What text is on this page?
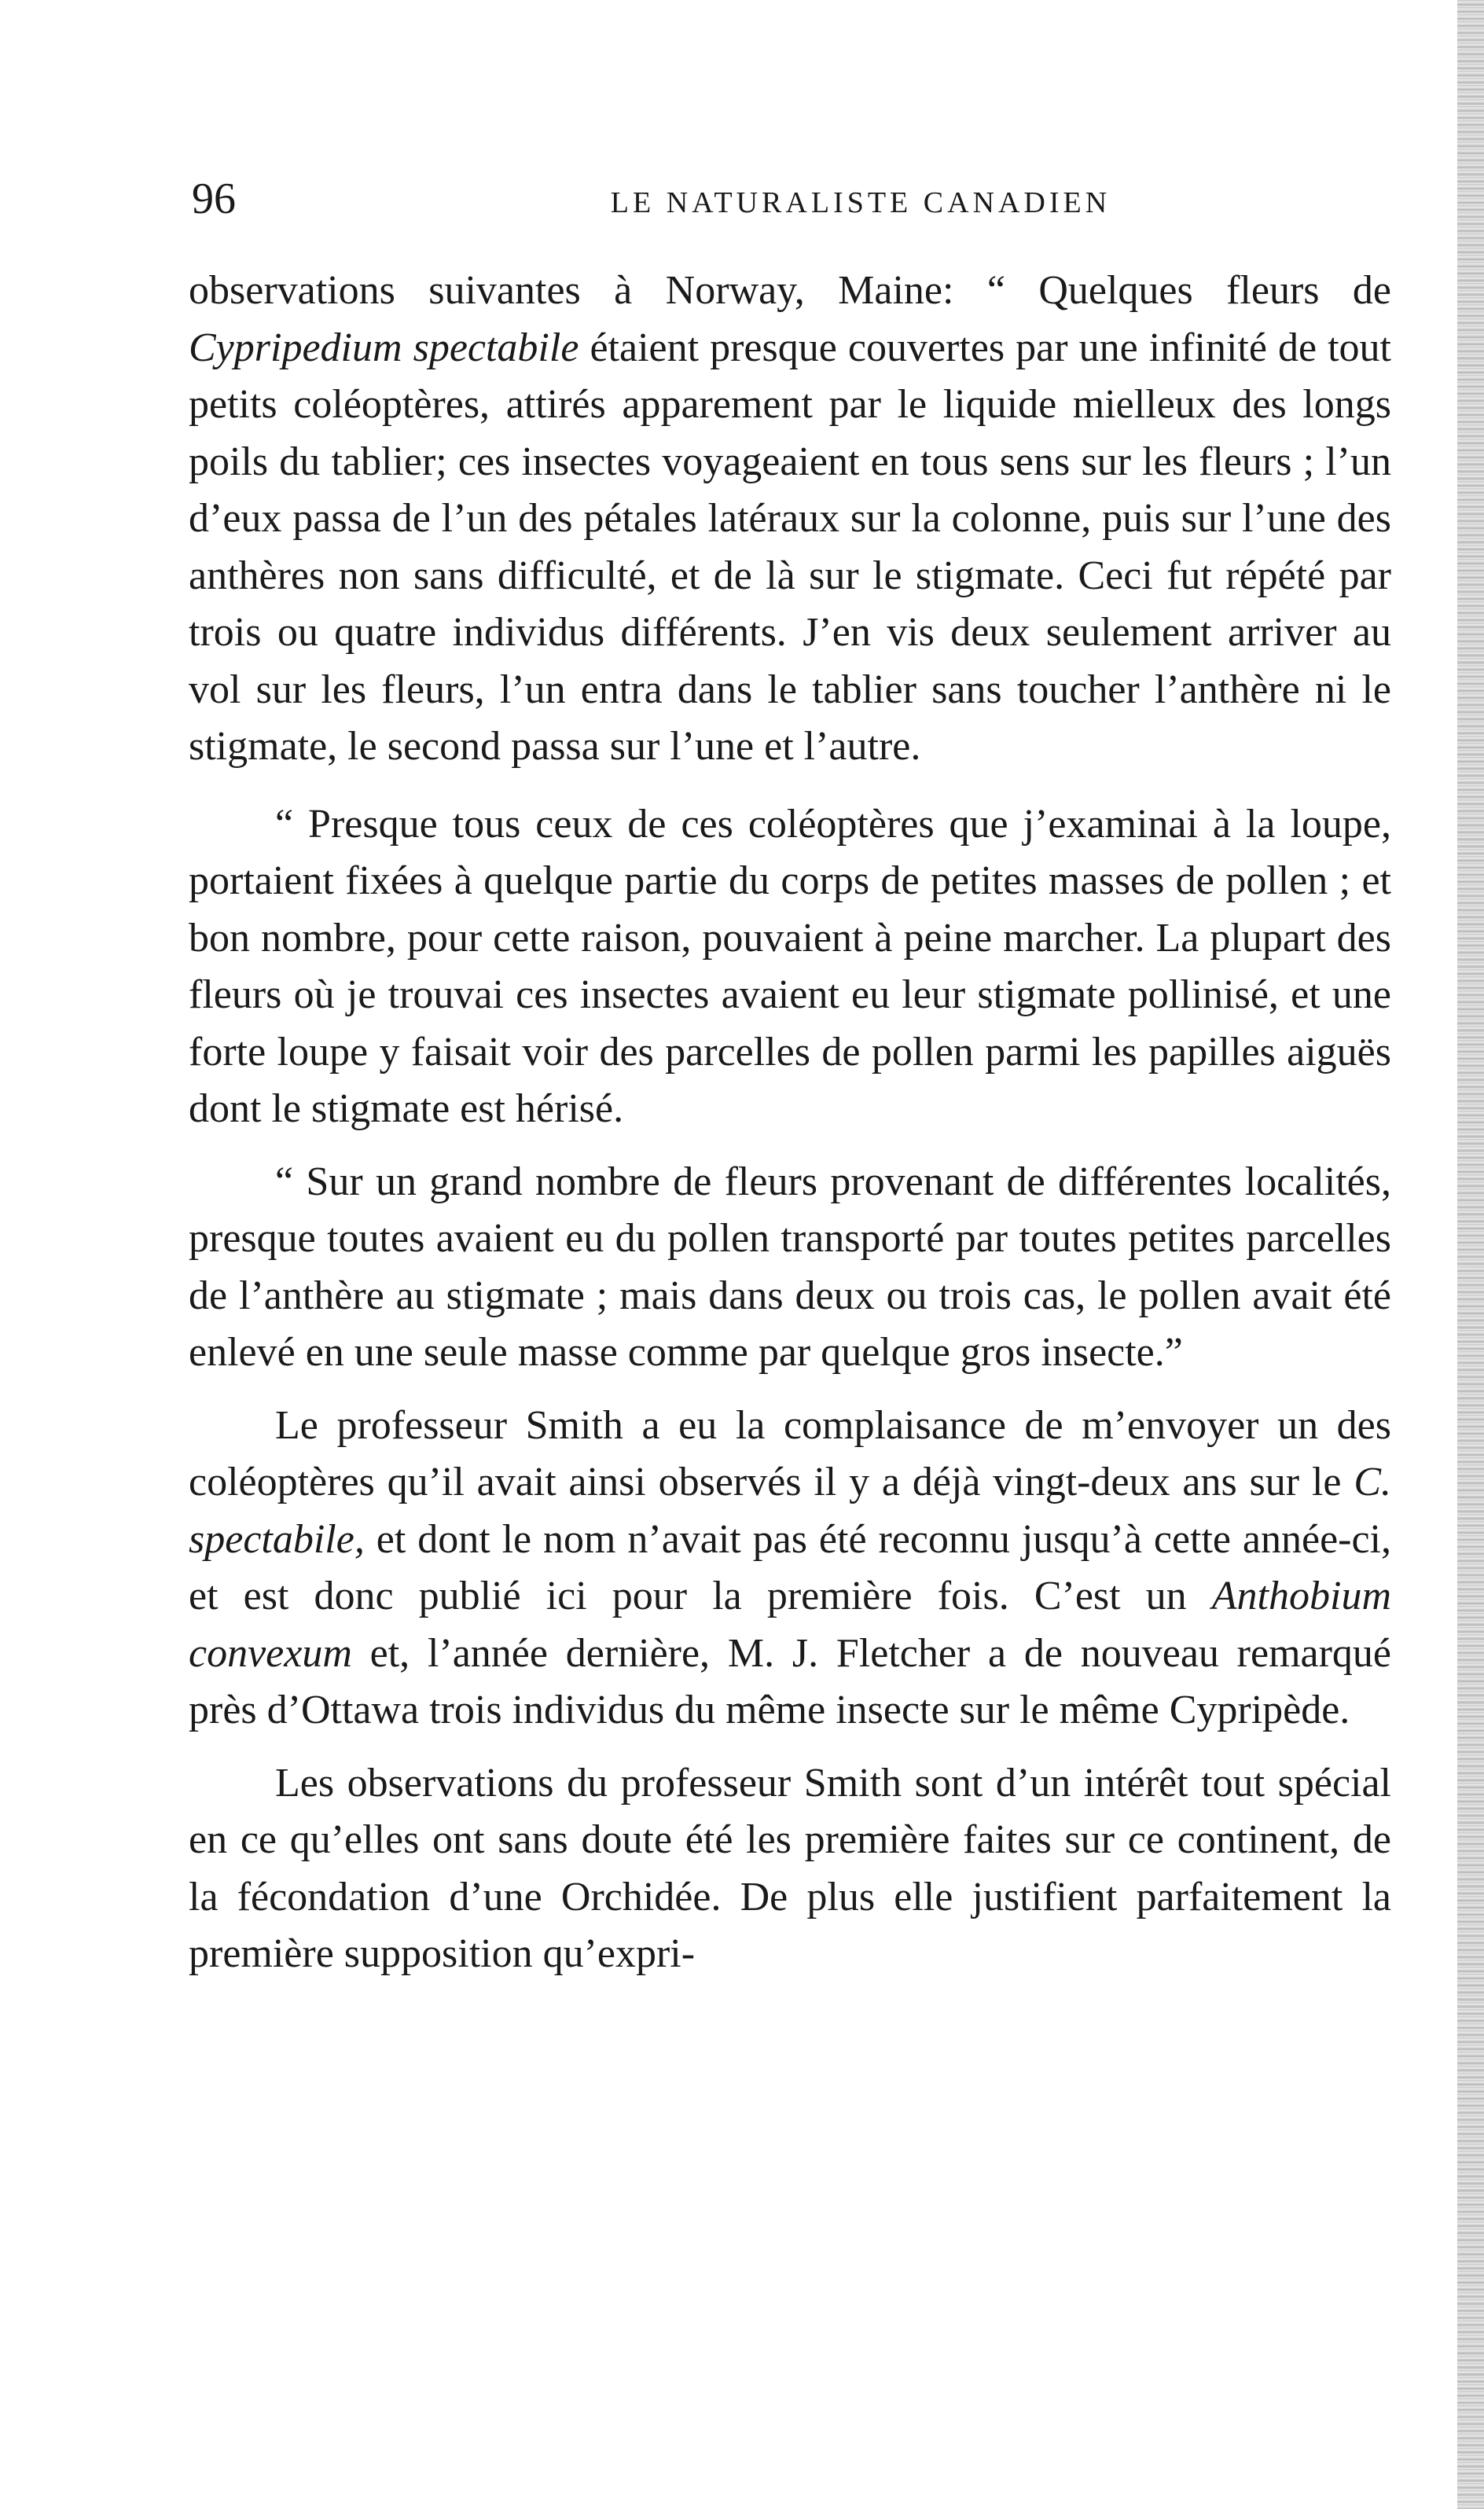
96	LE NATURALISTE CANADIEN

observations suivantes à Norway, Maine: “ Quelques fleurs de Cypripedium spectabile étaient presque couvertes par une infinité de tout petits coléoptères, attirés apparement par le liquide mielleux des longs poils du tablier; ces insectes voyageaient en tous sens sur les fleurs ; l’un d’eux passa de l’un des pétales latéraux sur la colonne, puis sur l’une des anthères non sans difficulté, et de là sur le stigmate. Ceci fut répété par trois ou quatre individus différents. J’en vis deux seulement arriver au vol sur les fleurs, l’un entra dans le tablier sans toucher l’anthère ni le stigmate, le second passa sur l’une et l’autre.

“ Presque tous ceux de ces coléoptères que j’examinai à la loupe, portaient fixées à quelque partie du corps de petites masses de pollen ; et bon nombre, pour cette raison, pouvaient à peine marcher. La plupart des fleurs où je trouvai ces insectes avaient eu leur stigmate pollinisé, et une forte loupe y faisait voir des parcelles de pollen parmi les papilles aiguës dont le stigmate est hérisé.

“ Sur un grand nombre de fleurs provenant de différentes localités, presque toutes avaient eu du pollen transporté par toutes petites parcelles de l’anthère au stigmate ; mais dans deux ou trois cas, le pollen avait été enlevé en une seule masse comme par quelque gros insecte.”

Le professeur Smith a eu la complaisance de m’envoyer un des coléoptères qu’il avait ainsi observés il y a déjà vingt-deux ans sur le C. spectabile, et dont le nom n’avait pas été reconnu jusqu’à cette année-ci, et est donc publié ici pour la première fois. C’est un Anthobium convexum et, l’année dernière, M. J. Fletcher a de nouveau remarqué près d’Ottawa trois individus du même insecte sur le même Cypripède.

Les observations du professeur Smith sont d’un intérêt tout spécial en ce qu’elles ont sans doute été les première faites sur ce continent, de la fécondation d’une Orchidée. De plus elle justifient parfaitement la première supposition qu’expri-
